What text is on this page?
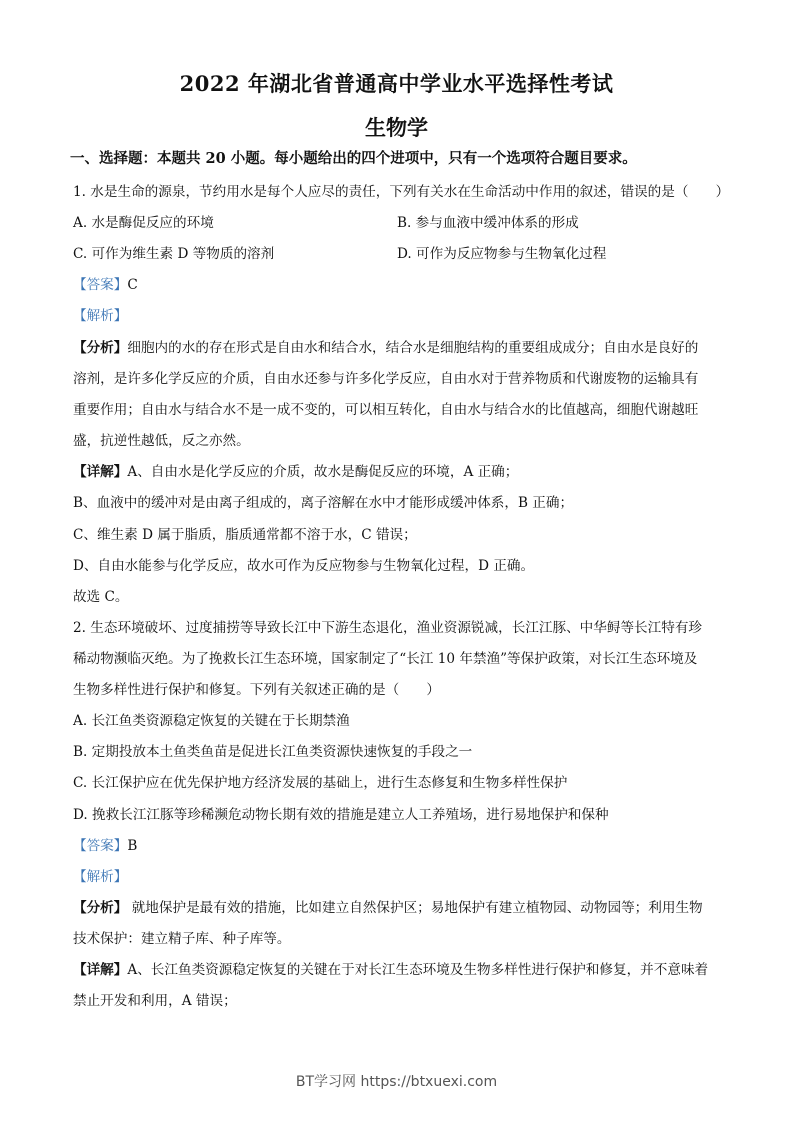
2022 年湖北省普通高中学业水平选择性考试
生物学
一、选择题：本题共 20 小题。每小题给出的四个进项中，只有一个选项符合题目要求。
1. 水是生命的源泉，节约用水是每个人应尽的责任，下列有关水在生命活动中作用的叙述，错误的是（　　）
A. 水是酶促反应的环境	B. 参与血液中缓冲体系的形成
C. 可作为维生素 D 等物质的溶剂	D. 可作为反应物参与生物氧化过程
【答案】C
【解析】
【分析】细胞内的水的存在形式是自由水和结合水，结合水是细胞结构的重要组成成分；自由水是良好的
溶剂，是许多化学反应的介质，自由水还参与许多化学反应，自由水对于营养物质和代谢废物的运输具有
重要作用；自由水与结合水不是一成不变的，可以相互转化，自由水与结合水的比值越高，细胞代谢越旺
盛，抗逆性越低，反之亦然。
【详解】A、自由水是化学反应的介质，故水是酶促反应的环境，A 正确；
B、血液中的缓冲对是由离子组成的，离子溶解在水中才能形成缓冲体系，B 正确；
C、维生素 D 属于脂质，脂质通常都不溶于水，C 错误；
D、自由水能参与化学反应，故水可作为反应物参与生物氧化过程，D 正确。
故选 C。
2. 生态环境破坏、过度捕捞等导致长江中下游生态退化，渔业资源锐减，长江江豚、中华鲟等长江特有珍
稀动物濒临灭绝。为了挽救长江生态环境，国家制定了“长江 10 年禁渔”等保护政策，对长江生态环境及
生物多样性进行保护和修复。下列有关叙述正确的是（　　）
A. 长江鱼类资源稳定恢复的关键在于长期禁渔
B. 定期投放本土鱼类鱼苗是促进长江鱼类资源快速恢复的手段之一
C. 长江保护应在优先保护地方经济发展的基础上，进行生态修复和生物多样性保护
D. 挽救长江江豚等珍稀濒危动物长期有效的措施是建立人工养殖场，进行易地保护和保种
【答案】B
【解析】
【分析】 就地保护是最有效的措施，比如建立自然保护区；易地保护有建立植物园、动物园等；利用生物
技术保护：建立精子库、种子库等。
【详解】A、长江鱼类资源稳定恢复的关键在于对长江生态环境及生物多样性进行保护和修复，并不意味着
禁止开发和利用，A 错误；
BT学习网 https://btxuexi.com
